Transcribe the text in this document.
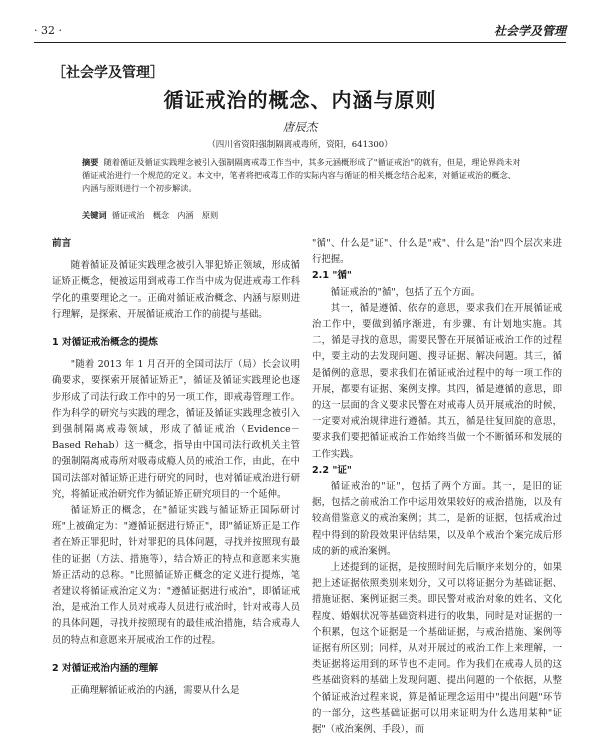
· 32 ·	社会学及管理
［社会学及管理］
循证戒治的概念、内涵与原则
唐辰杰
（四川省资阳强制隔离戒毒所，资阳，641300）
摘要 随着循证及循证实践理念被引入强制隔离戒毒工作当中，其多元涵概形成了"循证戒治"的就有，但是，理论界尚未对循证戒治进行一个规范的定义。本文中，笔者将把戒毒工作的实际内容与循证的相关概念结合起来，对循证戒治的概念、内涵与原则进行一个初步解读。
关键词 循证戒治　概念　内涵　原则
前言

随着循证及循证实践理念被引入罪犯矫正领域，形成循证矫正概念，便被运用到戒毒工作当中成为促进戒毒工作科学化的重要理论之一。正确对循证戒治概念、内涵与原则进行理解，是探索、开展循证戒治工作的前提与基础。

1 对循证戒治概念的提炼

"随着 2013 年 1 月召开的全国司法厅（局）长会议明确要求，要探索开展循证矫正"，循证及循证实践理论也逐步形成了司法行政工作中的另一项工作，即戒毒管理工作。作为科学的研究与实践的理念，循证及循证实践理念被引入到强制隔离戒毒领域，形成了循证戒治（Evidence－Based Rehab）这一概念，指导由中国司法行政机关主管的强制隔离戒毒所对吸毒成瘾人员的戒治工作，由此，在中国司法部对循证矫正进行研究的同时，也对循证戒治进行研究，将循证戒治研究作为循证矫正研究项目的一个延伸。

循证矫正的概念，在"循证实践与循证矫正国际研讨班"上被确定为："遵循证据进行矫正"，即"循证矫正是工作者在矫正罪犯时，针对罪犯的具体问题，寻找并按照现有最佳的证据（方法、措施等），结合矫正的特点和意愿来实施矫正活动的总称。"比照循证矫正概念的定义进行提炼，笔者建议将循证戒治定义为："遵循证据进行戒治"，即循证戒治，是戒治工作人员对戒毒人员进行戒治时，针对戒毒人员的具体问题，寻找并按照现有的最佳戒治措施，结合戒毒人员的特点和意愿来开展戒治工作的过程。

2 对循证戒治内涵的理解

正确理解循证戒治的内涵，需要从什么是

"循"、什么是"证"、什么是"戒"、什么是"治"四个层次来进行把握。

2.1 "循"

循证戒治的"循"，包括了五个方面。

其一，循是遵循、依存的意思，要求我们在开展循证戒治工作中，要做到循序渐进，有步骤、有计划地实施。其二，循是寻找的意思，需要民警在开展循证戒治工作的过程中，要主动的去发现问题、搜寻证据、解决问题。其三，循是循例的意思，要求我们在循证戒治过程中的每一项工作的开展，都要有证据、案例支撑。其四，循是遵循的意思，即的这一层面的含义要求民警在对戒毒人员开展戒治的时候，一定要对戒治规律进行遵循。其五，循是往复回旋的意思，要求我们要把循证戒治工作始终当做一个不断循环和发展的工作实践。

2.2 "证"

循证戒治的"证"，包括了两个方面。其一，是旧的证据，包括之前戒治工作中运用效果较好的戒治措施，以及有较高借鉴意义的戒治案例；其二，是新的证据，包括戒治过程中得到的阶段效果评估结果，以及单个戒治个案完成后形成的新的戒治案例。

上述提到的证据，是按照时间先后顺序来划分的，如果把上述证据依照类别来划分，又可以将证据分为基础证据、措施证据、案例证据三类。即民警对戒治对象的姓名、文化程度、婚姻状况等基础资料进行的收集，同时是对证据的一个积累，包这个证据是一个基础证据，与戒治措施、案例等证据有所区别；同样，从对开展过的戒治工作上来理解，一类证据将运用到的环节也不走同。作为我们在戒毒人员的这些基础资料的基础上发现问题、提出问题的一个依据，从整个循证戒治过程来说，算是循证理念运用中"提出问题"环节的一部分，这些基础证据可以用来证明为什么选用某种"证据"（戒治案例、手段），而
